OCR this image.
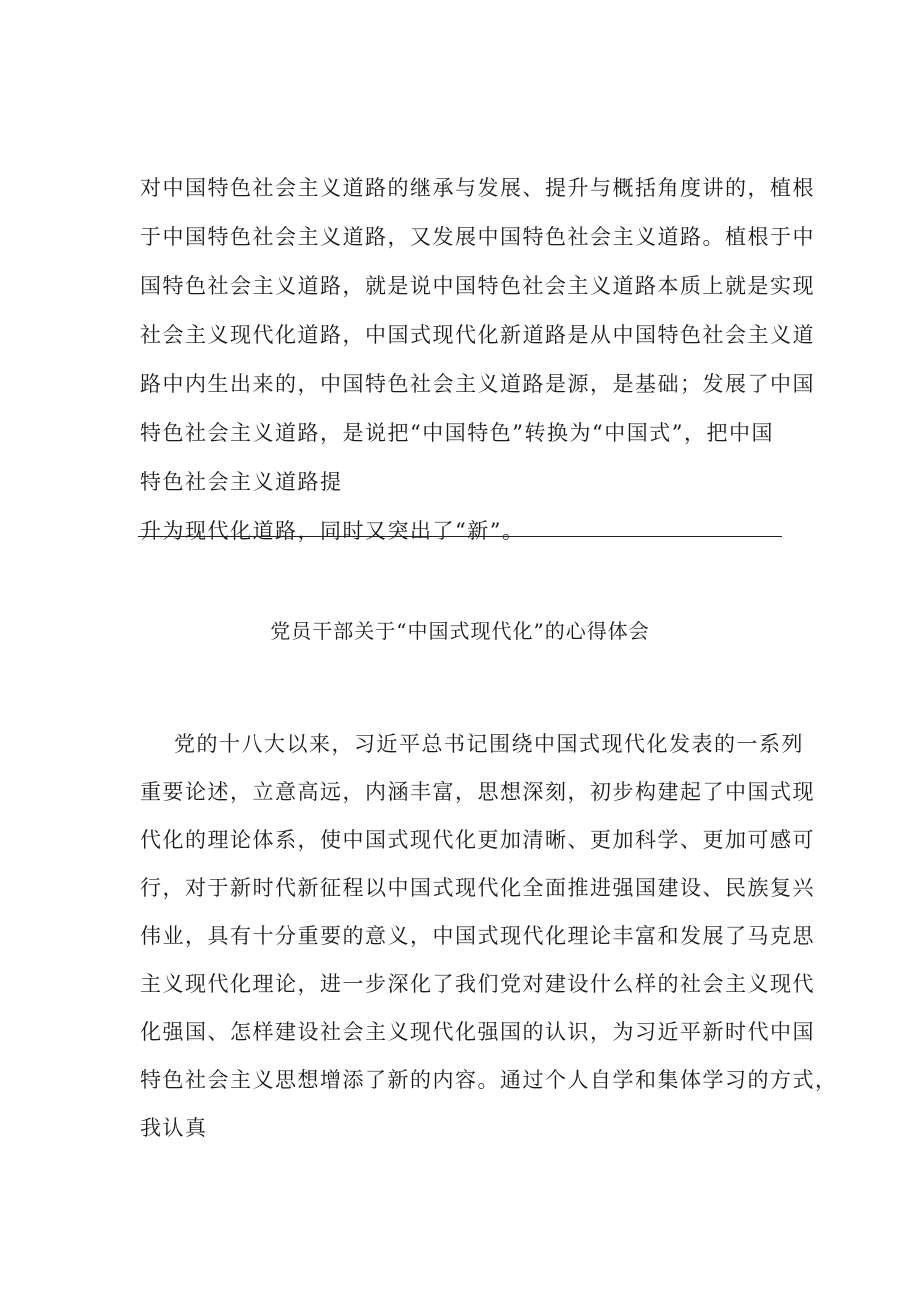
对中国特色社会主义道路的继承与发展、提升与概括角度讲的，植根
于中国特色社会主义道路，又发展中国特色社会主义道路。植根于中
国特色社会主义道路，就是说中国特色社会主义道路本质上就是实现
社会主义现代化道路，中国式现代化新道路是从中国特色社会主义道
路中内生出来的，中国特色社会主义道路是源，是基础；发展了中国
特色社会主义道路，是说把“中国特色”转换为“中国式”，把中国
特色社会主义道路提
升为现代化道路，同时又突出了“新”。
党员干部关于“中国式现代化”的心得体会
党的十八大以来，习近平总书记围绕中国式现代化发表的一系列
重要论述，立意高远，内涵丰富，思想深刻，初步构建起了中国式现
代化的理论体系，使中国式现代化更加清晰、更加科学、更加可感可
行，对于新时代新征程以中国式现代化全面推进强国建设、民族复兴
伟业，具有十分重要的意义，中国式现代化理论丰富和发展了马克思
主义现代化理论，进一步深化了我们党对建设什么样的社会主义现代
化强国、怎样建设社会主义现代化强国的认识，为习近平新时代中国
特色社会主义思想增添了新的内容。通过个人自学和集体学习的方式，
我认真
